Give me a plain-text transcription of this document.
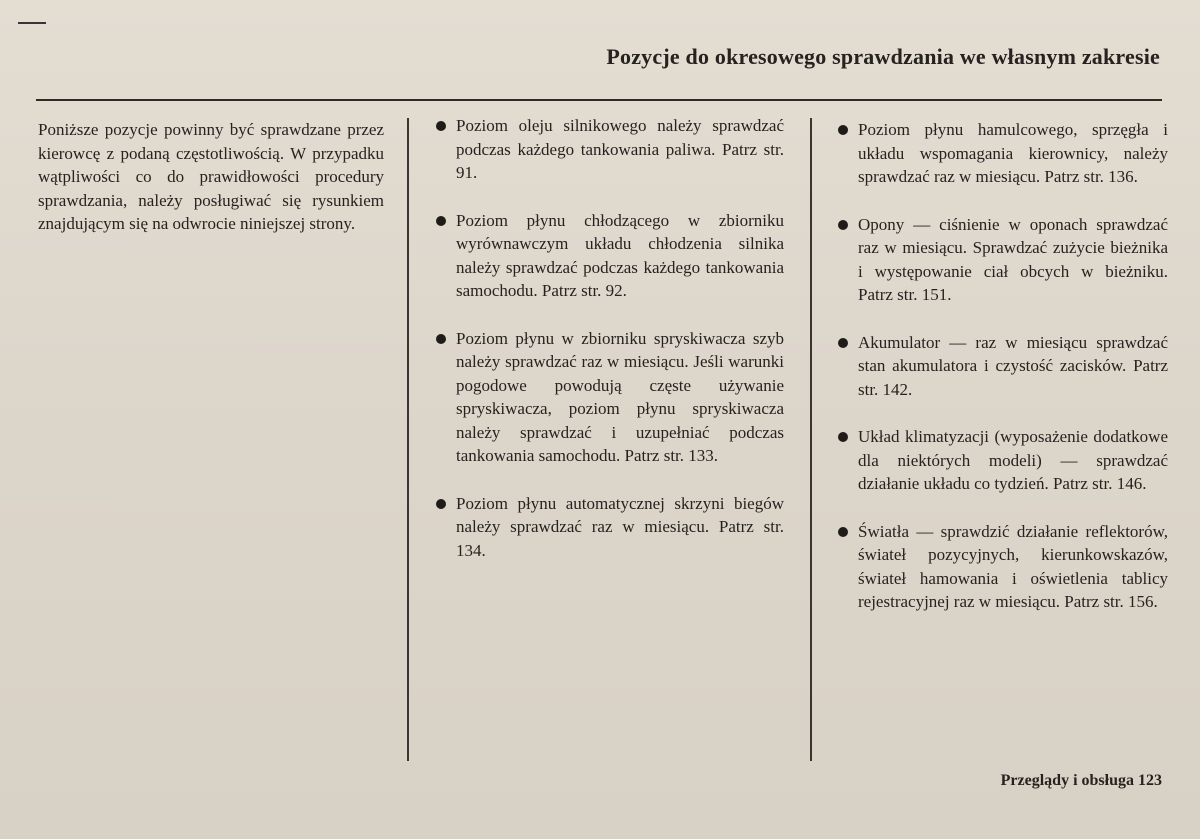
Pozycje do okresowego sprawdzania we własnym zakresie

Poniższe pozycje powinny być sprawdzane przez kierowcę z podaną częstotliwością. W przypadku wątpliwości co do prawidłowości procedury sprawdzania, należy posługiwać się rysunkiem znajdującym się na odwrocie niniejszej strony.

Poziom oleju silnikowego należy sprawdzać podczas każdego tankowania paliwa. Patrz str. 91.
Poziom płynu chłodzącego w zbiorniku wyrównawczym układu chłodzenia silnika należy sprawdzać podczas każdego tankowania samochodu. Patrz str. 92.
Poziom płynu w zbiorniku spryskiwacza szyb należy sprawdzać raz w miesiącu. Jeśli warunki pogodowe powodują częste używanie spryskiwacza, poziom płynu spryskiwacza należy sprawdzać i uzupełniać podczas tankowania samochodu. Patrz str. 133.
Poziom płynu automatycznej skrzyni biegów należy sprawdzać raz w miesiącu. Patrz str. 134.
Poziom płynu hamulcowego, sprzęgła i układu wspomagania kierownicy, należy sprawdzać raz w miesiącu. Patrz str. 136.
Opony — ciśnienie w oponach sprawdzać raz w miesiącu. Sprawdzać zużycie bieżnika i występowanie ciał obcych w bieżniku. Patrz str. 151.
Akumulator — raz w miesiącu sprawdzać stan akumulatora i czystość zacisków. Patrz str. 142.
Układ klimatyzacji (wyposażenie dodatkowe dla niektórych modeli) — sprawdzać działanie układu co tydzień. Patrz str. 146.
Światła — sprawdzić działanie reflektorów, świateł pozycyjnych, kierunkowskazów, świateł hamowania i oświetlenia tablicy rejestracyjnej raz w miesiącu. Patrz str. 156.
Przeglądy i obsługa 123
